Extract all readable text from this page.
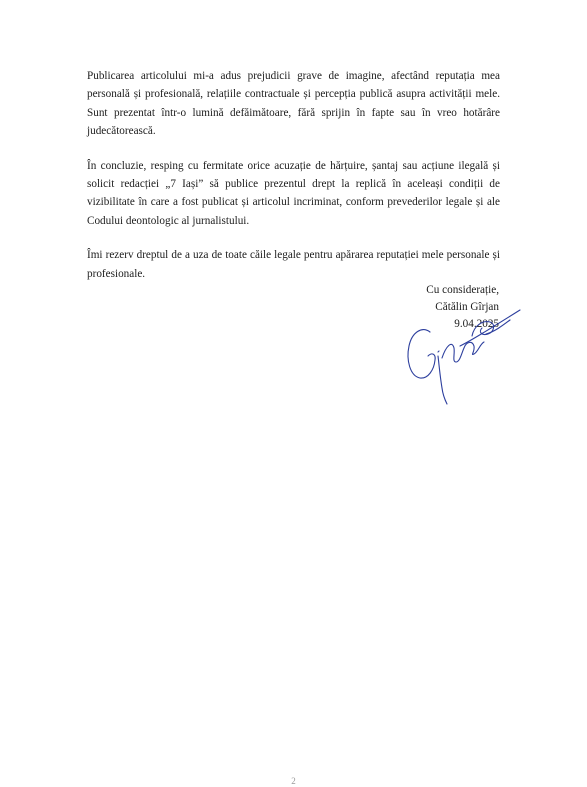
Publicarea articolului mi-a adus prejudicii grave de imagine, afectând reputația mea personală și profesională, relațiile contractuale și percepția publică asupra activității mele. Sunt prezentat într-o lumină defăimătoare, fără sprijin în fapte sau în vreo hotărâre judecătorească.

În concluzie, resping cu fermitate orice acuzație de hărțuire, șantaj sau acțiune ilegală și solicit redacției „7 Iași” să publice prezentul drept la replică în aceleași condiții de vizibilitate în care a fost publicat și articolul incriminat, conform prevederilor legale și ale Codului deontologic al jurnalistului.

Îmi rezerv dreptul de a uza de toate căile legale pentru apărarea reputației mele personale și profesionale.

Cu considerație,
Cătălin Gîrjan
9.04.2025
2
